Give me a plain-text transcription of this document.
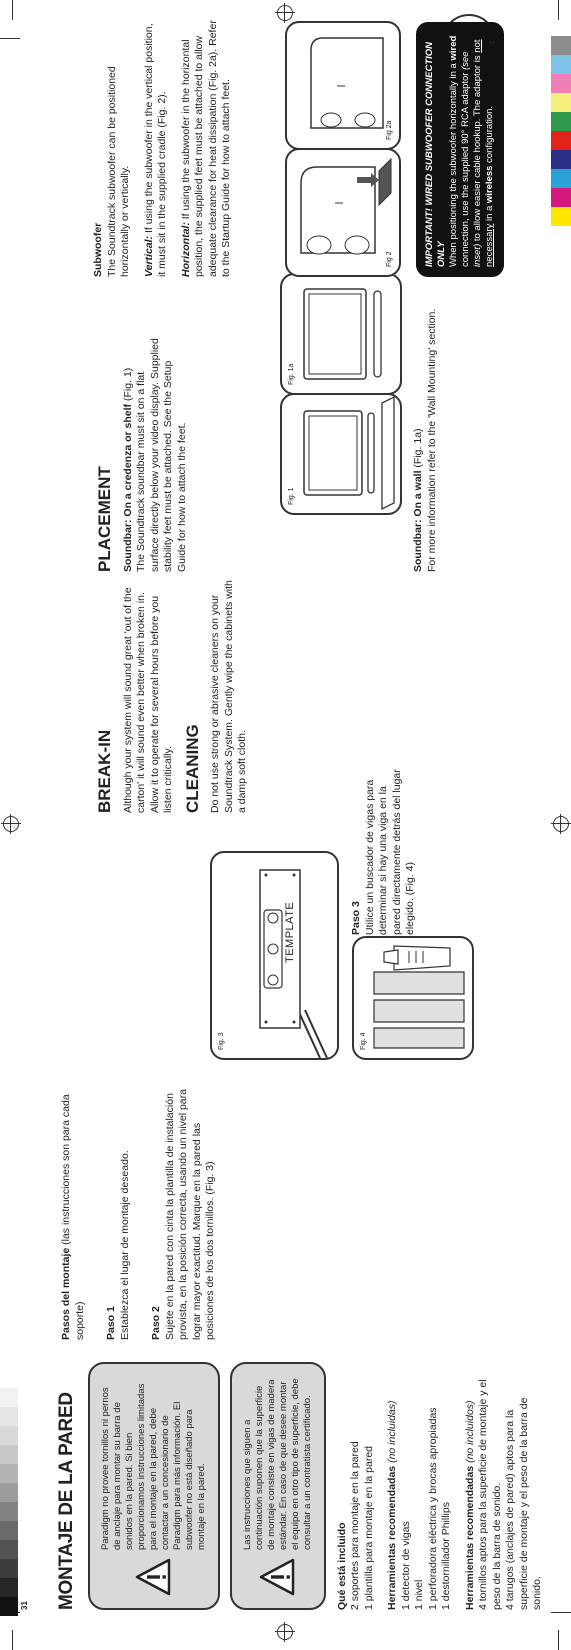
31 MONTAJE DE LA PARED	Paradigm no provee tornillos ni pernos de anclaje para montar su barra de sonidos en la pared. Si bien proporcionamos instrucciones limitadas para el montaje en la pared, debe contactar a un concesionario de Paradigm para más información. El subwoofer no está diseñado para montaje en la pared.	Las instrucciones que siguen a continuación suponen que la superficie de montaje consiste en vigas de madera estándar. En caso de que desee montar el equipo en otro tipo de superficie, debe consultar a un contratista certificado.

Qué está incluido 2 soportes para montaje en la pared 1 plantilla para montaje en la pared Herramientas recomendadas (no incluidas)
1 detector de vigas 1 nivel 1 perforadora eléctrica y brocas apropiadas 1 destornillador Phillips Herramientas recomendadas (no incluidos) 4 tornillos aptos para la superficie de montaje y el peso de la barra de sonido. 4 tarugos (anclajes de pared) aptos para la superficie de montaje y el peso de la barra de sonido.

Pasos del montaje (las instrucciones son para cada soporte) Paso 1 Establezca el lugar de montaje deseado. Paso 2 Sujete en la pared con cinta la plantilla de instalación provista, en la posición correcta, usando un nivel para lograr mayor exactitud. Marque en la pared las posiciones de los dos tornillos. (Fig. 3)

Fig. 3
TEMPLATE
Fig. 4
BREAK-IN Although your system will sound great 'out of the carton' it will sound even better when broken in. Allow it to operate for several hours before you listen critically. CLEANING Do not use strong or abrasive cleaners on your Soundtrack System. Gently wipe the cabinets with a damp soft cloth.

PLACEMENT Soundbar: On a credenza or shelf (Fig. 1) The Soundtrack soundbar must sit on a flat surface directly below your video display. Supplied stability feet must be attached. See the Setup Guide for how to attach the feet.	Fig. 1
Fig. 1a

Soundbar: On a wall (Fig. 1a) For more information refer to the 'Wall Mounting' section.

Subwoofer The Soundtrack subwoofer can be positioned horizontally or vertically. Vertical: If using the subwoofer in the vertical position, it must sit in the supplied cradle (Fig. 2). Horizontal: If using the subwoofer in the horizontal position, the supplied feet must be attached to allow adequate clearance for heat dissipation (Fig. 2a). Refer to the Startup Guide for how to attach feet.	Fig 2
Fig 2a	IMPORTANT! WIRED SUBWOOFER CONNECTION ONLY When positioning the subwoofer horizontally in a wired connection, use the supplied 90° RCA adaptor (see inset) to allow easier cable hookup. The adaptor is not necessary in a wireless configuration.
4
Paso 3 Utilice un buscador de vigas para determinar si hay una viga en la pared directamente detrás del lugar elegido. (Fig. 4)
